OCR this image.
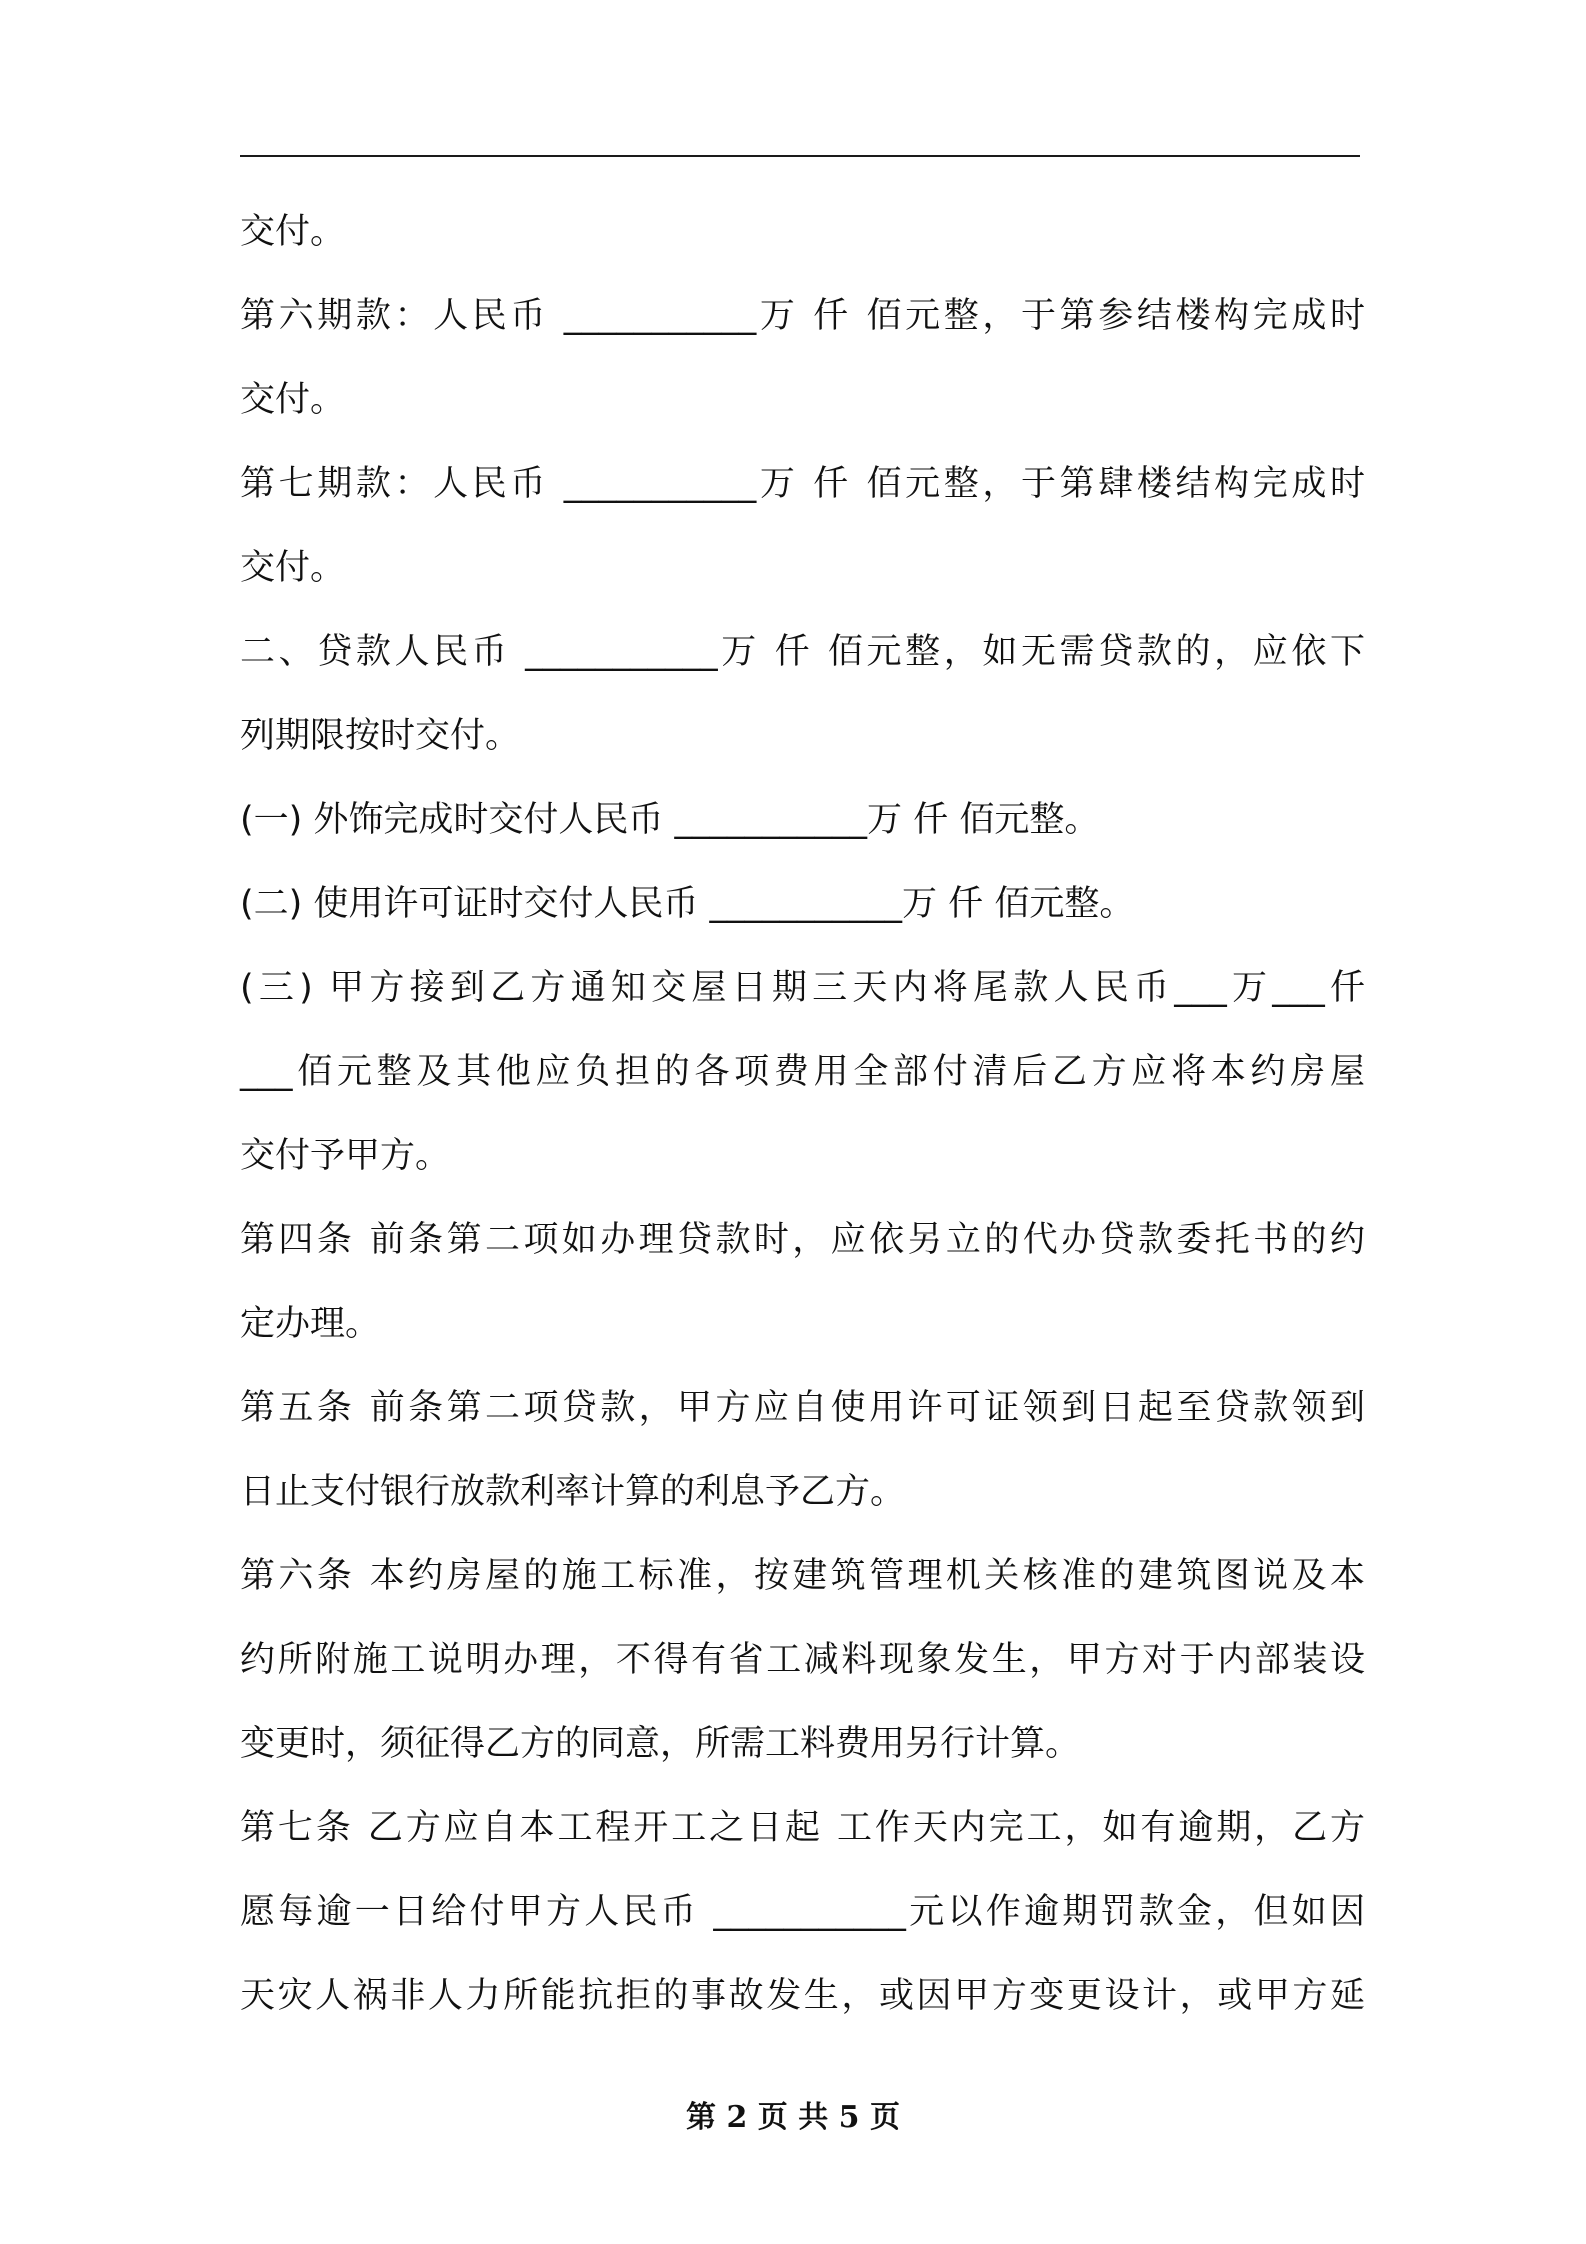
交付。
第六期款：人民币 ___________万 仟 佰元整，于第参结楼构完成时
交付。
第七期款：人民币 ___________万 仟 佰元整，于第肆楼结构完成时
交付。
二、贷款人民币 ___________万 仟 佰元整，如无需贷款的，应依下
列期限按时交付。
(一) 外饰完成时交付人民币 ___________万 仟 佰元整。
(二) 使用许可证时交付人民币 ___________万 仟 佰元整。
(三) 甲方接到乙方通知交屋日期三天内将尾款人民币___万___仟
___佰元整及其他应负担的各项费用全部付清后乙方应将本约房屋
交付予甲方。
第四条 前条第二项如办理贷款时，应依另立的代办贷款委托书的约
定办理。
第五条 前条第二项贷款，甲方应自使用许可证领到日起至贷款领到
日止支付银行放款利率计算的利息予乙方。
第六条 本约房屋的施工标准，按建筑管理机关核准的建筑图说及本
约所附施工说明办理，不得有省工减料现象发生，甲方对于内部装设
变更时，须征得乙方的同意，所需工料费用另行计算。
第七条 乙方应自本工程开工之日起 工作天内完工，如有逾期，乙方
愿每逾一日给付甲方人民币 ___________元以作逾期罚款金，但如因
天灾人祸非人力所能抗拒的事故发生，或因甲方变更设计，或甲方延
第 2 页 共 5 页
